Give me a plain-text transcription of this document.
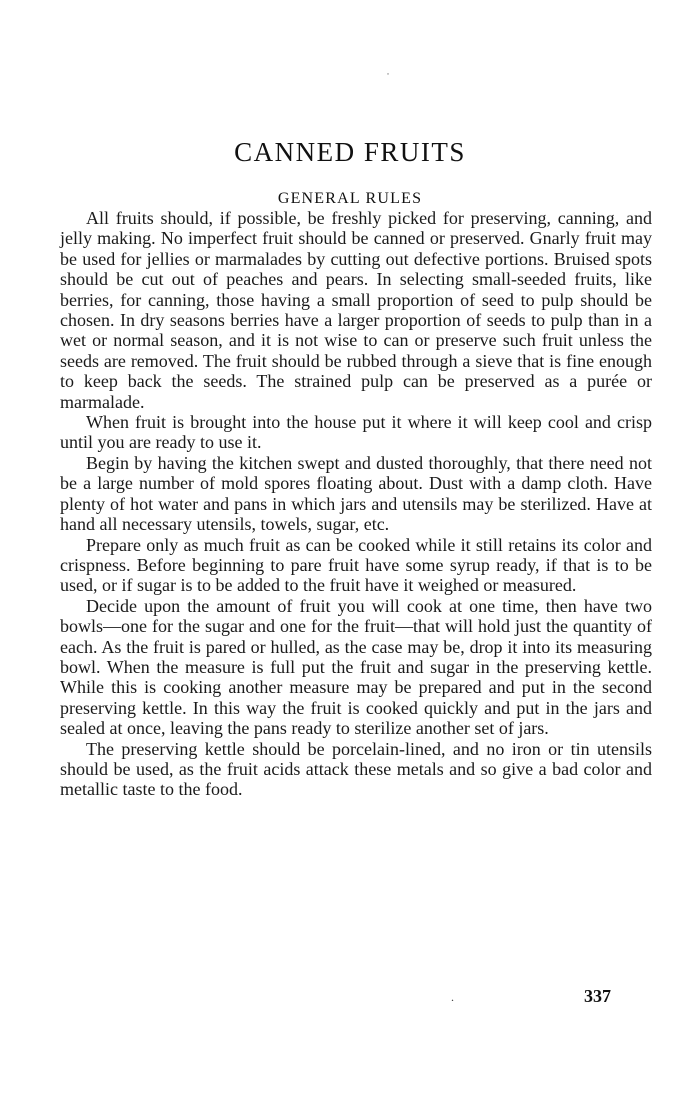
˙
CANNED FRUITS
GENERAL RULES

All fruits should, if possible, be freshly picked for preserving, canning, and jelly making. No imperfect fruit should be canned or preserved. Gnarly fruit may be used for jellies or marmalades by cutting out defective portions. Bruised spots should be cut out of peaches and pears. In selecting small-seeded fruits, like berries, for canning, those having a small proportion of seed to pulp should be chosen. In dry seasons berries have a larger proportion of seeds to pulp than in a wet or normal season, and it is not wise to can or preserve such fruit unless the seeds are removed. The fruit should be rubbed through a sieve that is fine enough to keep back the seeds. The strained pulp can be preserved as a purée or marmalade.

When fruit is brought into the house put it where it will keep cool and crisp until you are ready to use it.

Begin by having the kitchen swept and dusted thoroughly, that there need not be a large number of mold spores floating about. Dust with a damp cloth. Have plenty of hot water and pans in which jars and utensils may be sterilized. Have at hand all necessary utensils, towels, sugar, etc.

Prepare only as much fruit as can be cooked while it still retains its color and crispness. Before beginning to pare fruit have some syrup ready, if that is to be used, or if sugar is to be added to the fruit have it weighed or measured.

Decide upon the amount of fruit you will cook at one time, then have two bowls—one for the sugar and one for the fruit—that will hold just the quantity of each. As the fruit is pared or hulled, as the case may be, drop it into its measuring bowl. When the measure is full put the fruit and sugar in the preserving kettle. While this is cooking another measure may be prepared and put in the second preserving kettle. In this way the fruit is cooked quickly and put in the jars and sealed at once, leaving the pans ready to sterilize another set of jars.

The preserving kettle should be porcelain-lined, and no iron or tin utensils should be used, as the fruit acids attack these metals and so give a bad color and metallic taste to the food.

.	337
